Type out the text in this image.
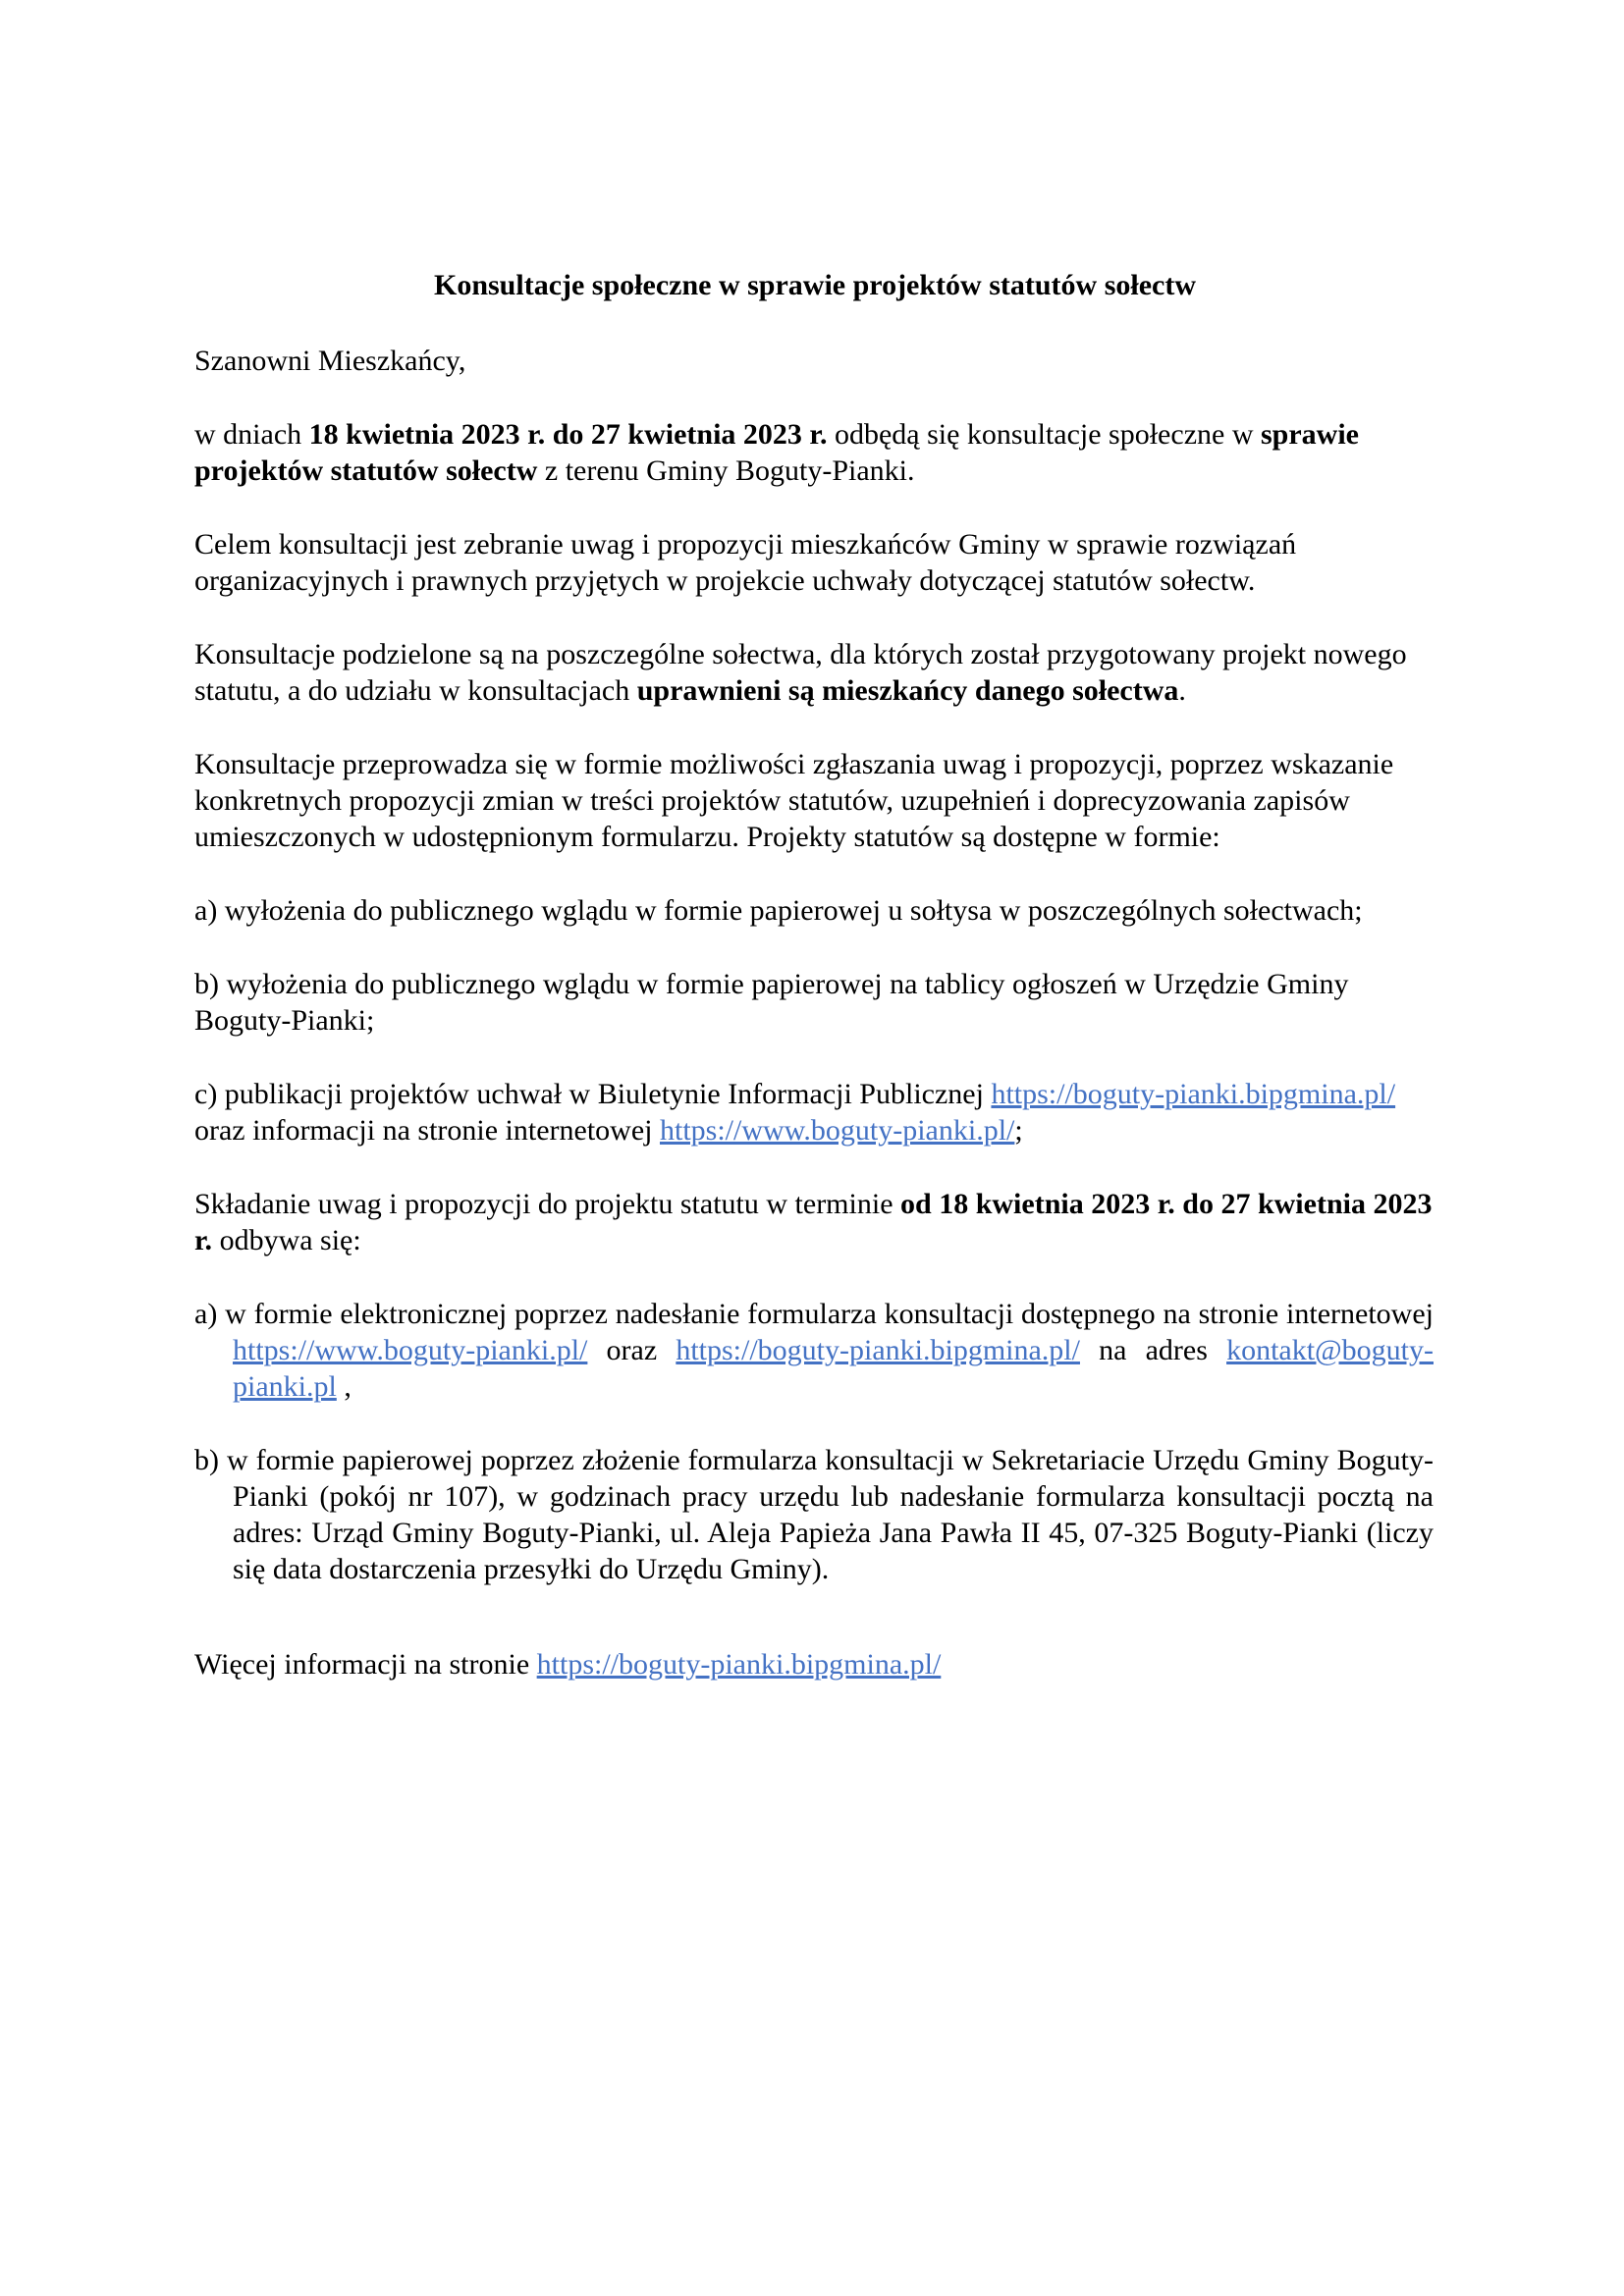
Konsultacje społeczne w sprawie projektów statutów sołectw

Szanowni Mieszkańcy,

w dniach 18 kwietnia 2023 r. do 27 kwietnia 2023 r. odbędą się konsultacje społeczne w sprawie projektów statutów sołectw z terenu Gminy Boguty-Pianki.

Celem konsultacji jest zebranie uwag i propozycji mieszkańców Gminy w sprawie rozwiązań organizacyjnych i prawnych przyjętych w projekcie uchwały dotyczącej statutów sołectw.

Konsultacje podzielone są na poszczególne sołectwa, dla których został przygotowany projekt nowego statutu, a do udziału w konsultacjach uprawnieni są mieszkańcy danego sołectwa.

Konsultacje przeprowadza się w formie możliwości zgłaszania uwag i propozycji, poprzez wskazanie konkretnych propozycji zmian w treści projektów statutów, uzupełnień i doprecyzowania zapisów umieszczonych w udostępnionym formularzu. Projekty statutów są dostępne w formie:

a) wyłożenia do publicznego wglądu w formie papierowej u sołtysa w poszczególnych sołectwach;

b) wyłożenia do publicznego wglądu w formie papierowej na tablicy ogłoszeń w Urzędzie Gminy Boguty-Pianki;

c) publikacji projektów uchwał w Biuletynie Informacji Publicznej https://boguty-pianki.bipgmina.pl/ oraz informacji na stronie internetowej https://www.boguty-pianki.pl/;

Składanie uwag i propozycji do projektu statutu w terminie od 18 kwietnia 2023 r. do 27 kwietnia 2023 r. odbywa się:

a) w formie elektronicznej poprzez nadesłanie formularza konsultacji dostępnego na stronie internetowej https://www.boguty-pianki.pl/ oraz https://boguty-pianki.bipgmina.pl/ na adres kontakt@boguty-pianki.pl ,

b) w formie papierowej poprzez złożenie formularza konsultacji w Sekretariacie Urzędu Gminy Boguty-Pianki (pokój nr 107), w godzinach pracy urzędu lub nadesłanie formularza konsultacji pocztą na adres: Urząd Gminy Boguty-Pianki, ul. Aleja Papieża Jana Pawła II 45, 07-325 Boguty-Pianki (liczy się data dostarczenia przesyłki do Urzędu Gminy).

Więcej informacji na stronie https://boguty-pianki.bipgmina.pl/
